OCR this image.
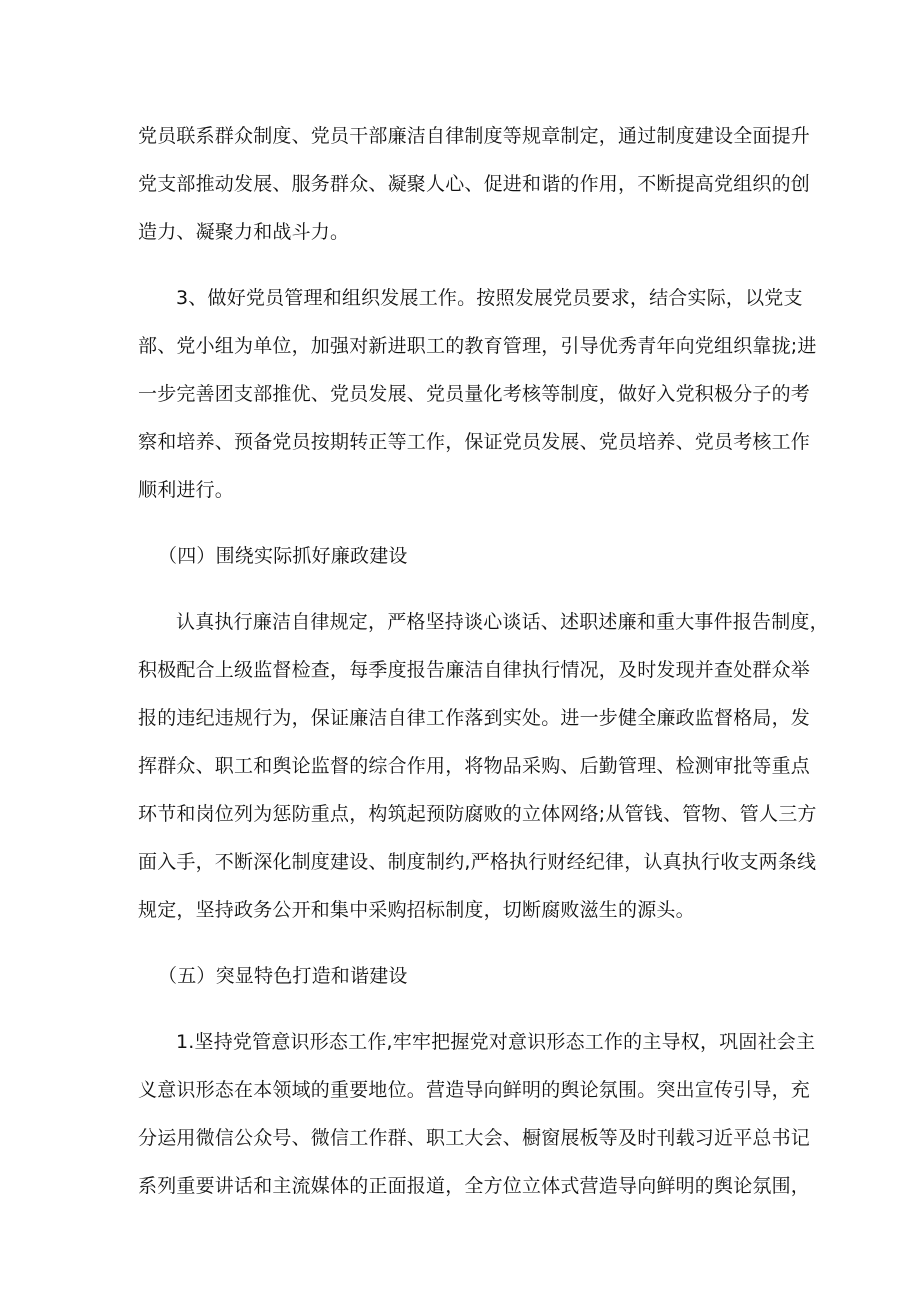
党员联系群众制度、党员干部廉洁自律制度等规章制定，通过制度建设全面提升
党支部推动发展、服务群众、凝聚人心、促进和谐的作用，不断提高党组织的创
造力、凝聚力和战斗力。
3、做好党员管理和组织发展工作。按照发展党员要求，结合实际，以党支
部、党小组为单位，加强对新进职工的教育管理，引导优秀青年向党组织靠拢;进
一步完善团支部推优、党员发展、党员量化考核等制度，做好入党积极分子的考
察和培养、预备党员按期转正等工作，保证党员发展、党员培养、党员考核工作
顺利进行。
（四）围绕实际抓好廉政建设
认真执行廉洁自律规定，严格坚持谈心谈话、述职述廉和重大事件报告制度，
积极配合上级监督检查，每季度报告廉洁自律执行情况，及时发现并查处群众举
报的违纪违规行为，保证廉洁自律工作落到实处。进一步健全廉政监督格局，发
挥群众、职工和舆论监督的综合作用，将物品采购、后勤管理、检测审批等重点
环节和岗位列为惩防重点，构筑起预防腐败的立体网络;从管钱、管物、管人三方
面入手，不断深化制度建设、制度制约,严格执行财经纪律，认真执行收支两条线
规定，坚持政务公开和集中采购招标制度，切断腐败滋生的源头。
（五）突显特色打造和谐建设
1.坚持党管意识形态工作,牢牢把握党对意识形态工作的主导权，巩固社会主
义意识形态在本领域的重要地位。营造导向鲜明的舆论氛围。突出宣传引导，充
分运用微信公众号、微信工作群、职工大会、橱窗展板等及时刊载习近平总书记
系列重要讲话和主流媒体的正面报道，全方位立体式营造导向鲜明的舆论氛围，
